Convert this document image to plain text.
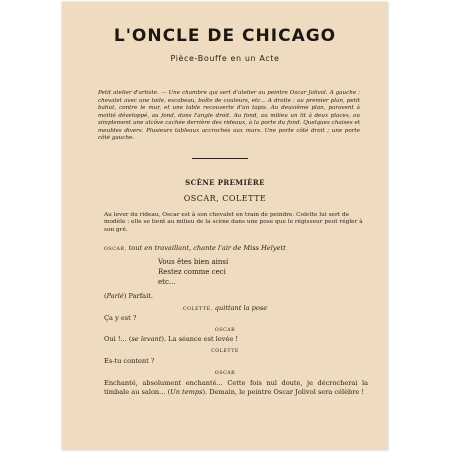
L'ONCLE DE CHICAGO
Pièce-Bouffe en un Acte
Petit atelier d'artiste. — Une chambre qui sert d'atelier au peintre Oscar Jolivol. A gauche : chevalet avec une toile, escabeau, boîte de couleurs, etc... A droite : au premier plan, petit bahut, contre le mur, et une table recouverte d'un tapis. Au deuxième plan, paravent à moitié développé, au fond, dans l'angle droit. Au fond, au milieu un lit à deux places, ou simplement une alcôve cachée derrière des rideaux, à la porte du fond. Quelques chaises et meubles divers. Plusieurs tableaux accrochés aux murs. Une porte côté droit ; une porte côté gauche.
SCÈNE PREMIÈRE
OSCAR, COLETTE
Au lever du rideau, Oscar est à son chevalet en train de peindre. Colette lui sert de modèle : elle se tient au milieu de la scène dans une pose que le régisseur peut régler à son gré.
OSCAR, tout en travaillant, chante l'air de Miss Helyett
Vous êtes bien ainsi
Restez comme ceci
etc...
(Parlé) Parfait.
COLETTE, quittant la pose
Ça y est ?
OSCAR
Oui !... (se levant). La séance est levée !
COLETTE
Es-tu content ?
OSCAR
Enchanté, absolument enchanté... Cette fois nul doute, je décrocherai la timbale au salon... (Un temps). Demain, le peintre Oscar Jolivol sera célèbre !
